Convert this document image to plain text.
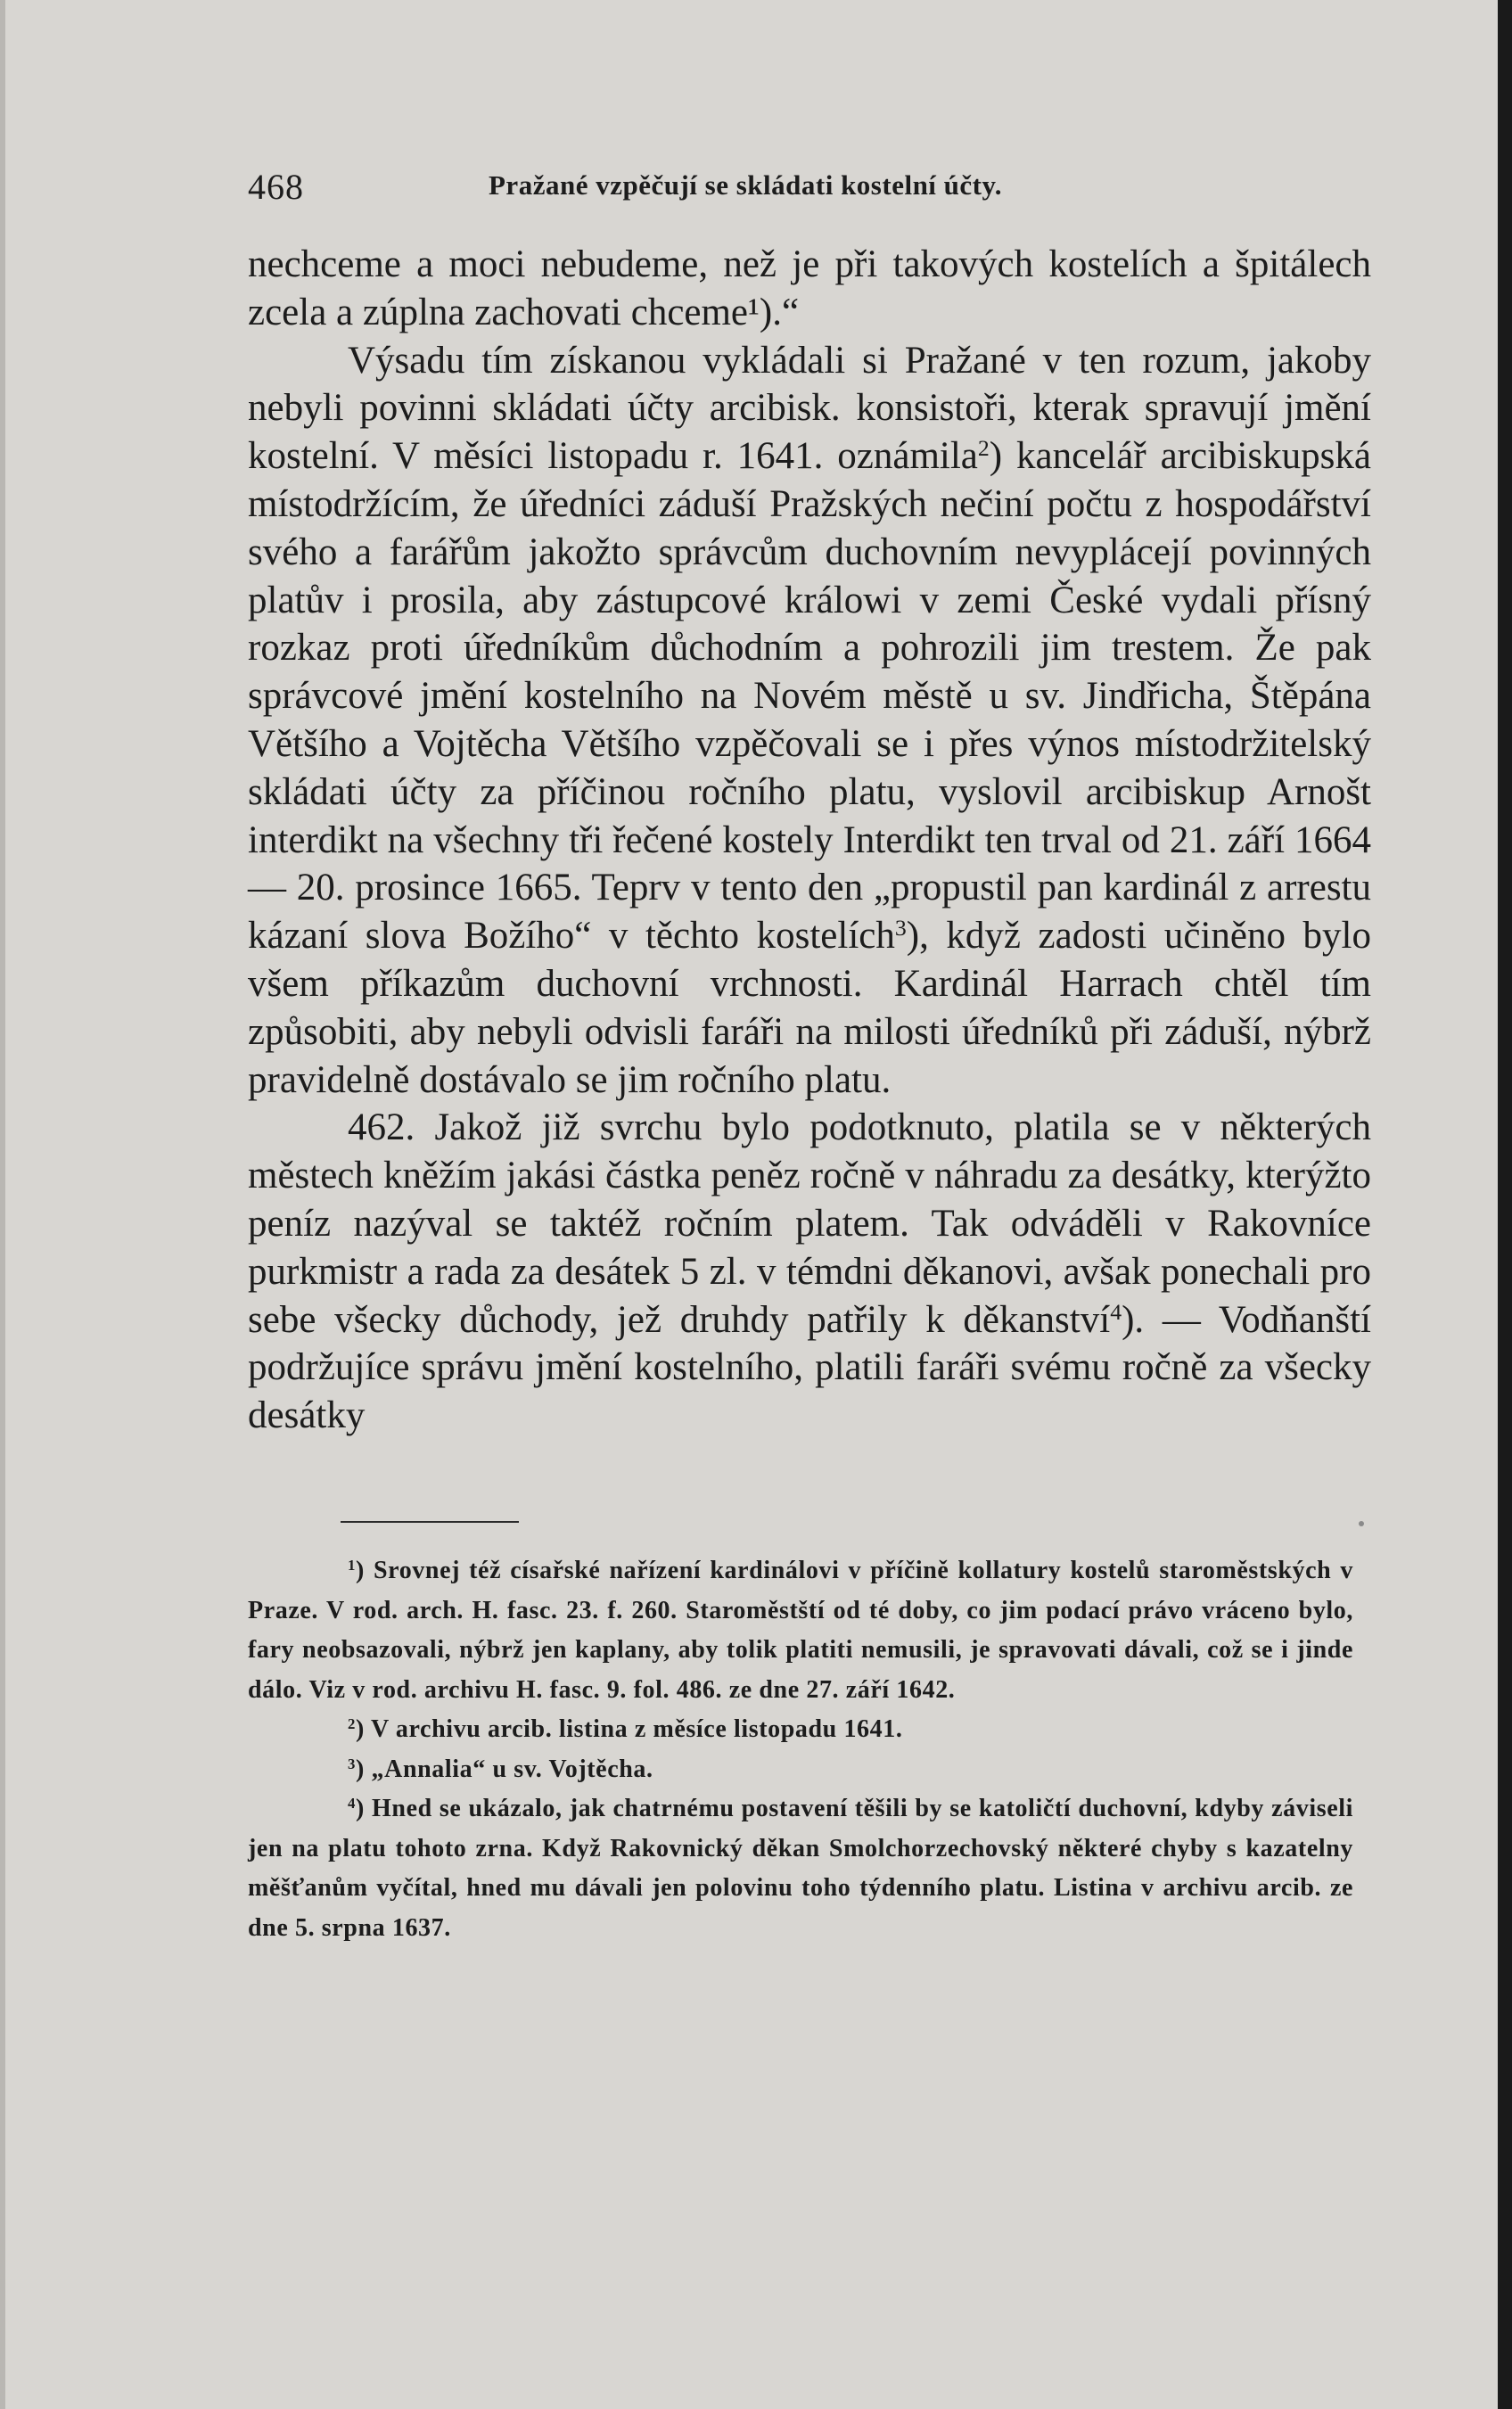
468	Pražané vzpěčují se skládati kostelní účty.

nechceme a moci nebudeme, než je při takových kostelích a špitálech zcela a zúplna zachovati chceme¹).“

Výsadu tím získanou vykládali si Pražané v ten rozum, jakoby nebyli povinni skládati účty arcibisk. konsistoři, kterak spravují jmění kostelní. V měsíci listopadu r. 1641. oznámila$^2$) kancelář arcibiskupská místodržícím, že úředníci záduší Pražských nečiní počtu z hospodářství svého a farářům jakožto správcům duchovním nevyplácejí povinných platův i prosila, aby zástupcové králowi v zemi České vydali přísný rozkaz proti úředníkům důchodním a pohrozili jim trestem. Že pak správcové jmění kostelního na Novém městě u sv. Jindřicha, Štěpána Většího a Vojtěcha Většího vzpěčovali se i přes výnos místodržitelský skládati účty za příčinou ročního platu, vyslovil arcibiskup Arnošt interdikt na všechny tři řečené kostely Interdikt ten trval od 21. září 1664 — 20. prosince 1665. Teprv v tento den „propustil pan kardinál z arrestu kázaní slova Božího“ v těchto kostelích$^3$), když zadosti učiněno bylo všem příkazům duchovní vrchnosti. Kardinál Harrach chtěl tím způsobiti, aby nebyli odvisli faráři na milosti úředníků při záduší, nýbrž pravidelně dostávalo se jim ročního platu.

462. Jakož již svrchu bylo podotknuto, platila se v některých městech kněžím jakási částka peněz ročně v náhradu za desátky, kterýžto peníz nazýval se taktéž ročním platem. Tak odváděli v Rakovníce purkmistr a rada za desátek 5 zl. v témdni děkanovi, avšak ponechali pro sebe všecky důchody, jež druhdy patřily k děkanství$^4$). — Vodňanští podržujíce správu jmění kostelního, platili faráři svému ročně za všecky desátky

$^1$) Srovnej též císařské nařízení kardinálovi v příčině kollatury kostelů staroměstských v Praze. V rod. arch. H. fasc. 23. f. 260. Staroměstští od té doby, co jim podací právo vráceno bylo, fary neobsazovali, nýbrž jen kaplany, aby tolik platiti nemusili, je spravovati dávali, což se i jinde dálo. Viz v rod. archivu H. fasc. 9. fol. 486. ze dne 27. září 1642.

$^2$) V archivu arcib. listina z měsíce listopadu 1641.

$^3$) „Annalia“ u sv. Vojtěcha.

$^4$) Hned se ukázalo, jak chatrnému postavení těšili by se katoličtí duchovní, kdyby záviseli jen na platu tohoto zrna. Když Rakovnický děkan Smolchorzechovský některé chyby s kazatelny měšťanům vyčítal, hned mu dávali jen polovinu toho týdenního platu. Listina v archivu arcib. ze dne 5. srpna 1637.
